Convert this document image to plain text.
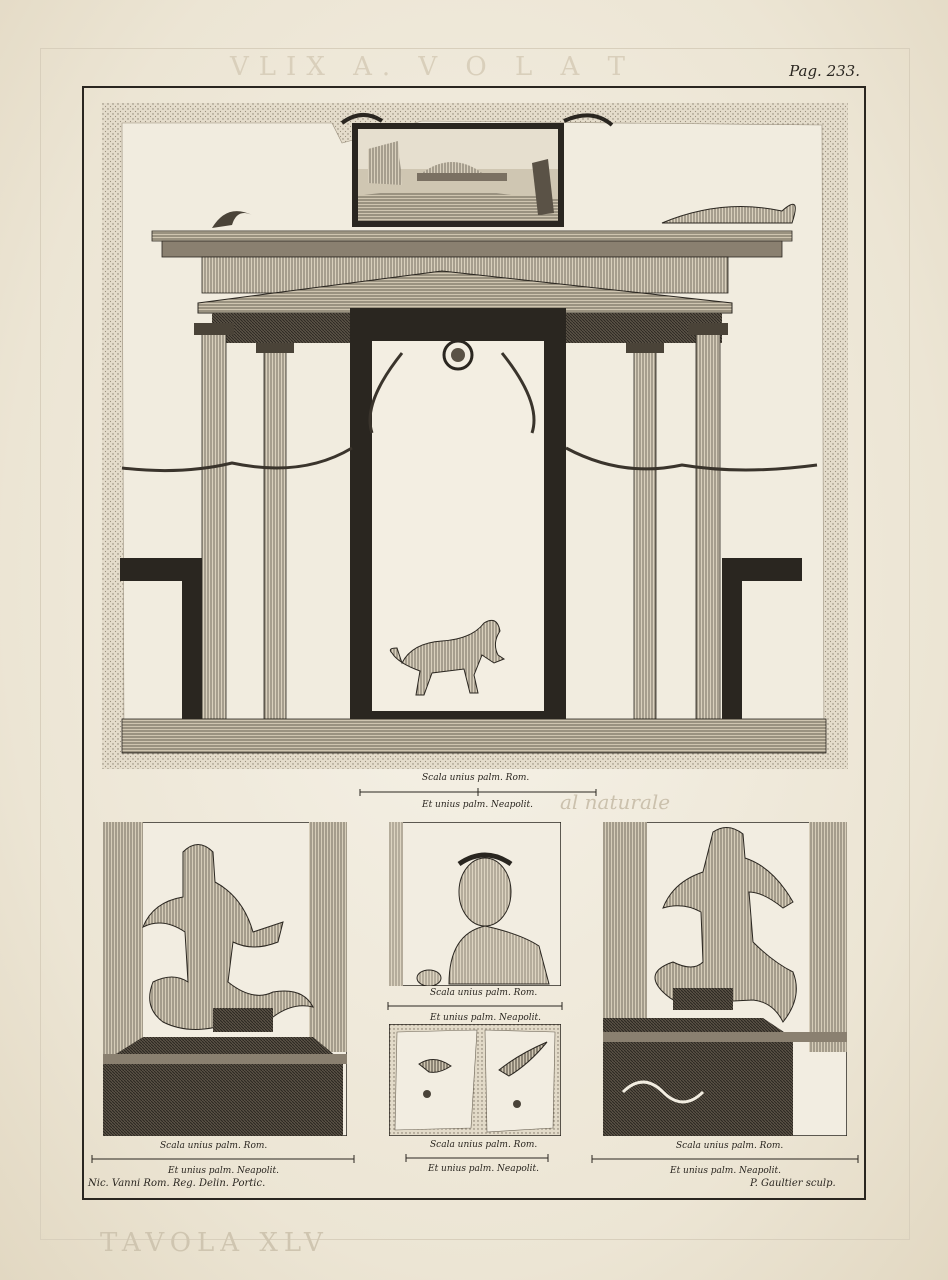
VLIX A. V O L A T	Pag. 233.
al naturale
Scala unius palm. Rom.
Et unius palm. Neapolit.
Scala unius palm. Rom.
Et unius palm. Neapolit.
Scala unius palm. Rom.
Et unius palm. Neapolit.
Scala unius palm. Rom.
Et unius palm. Neapolit.
Scala unius palm. Rom.
Et unius palm. Neapolit.
Nic. Vanni Rom. Reg. Delin. Portic.	P. Gaultier sculp.
TAVOLA XLV
